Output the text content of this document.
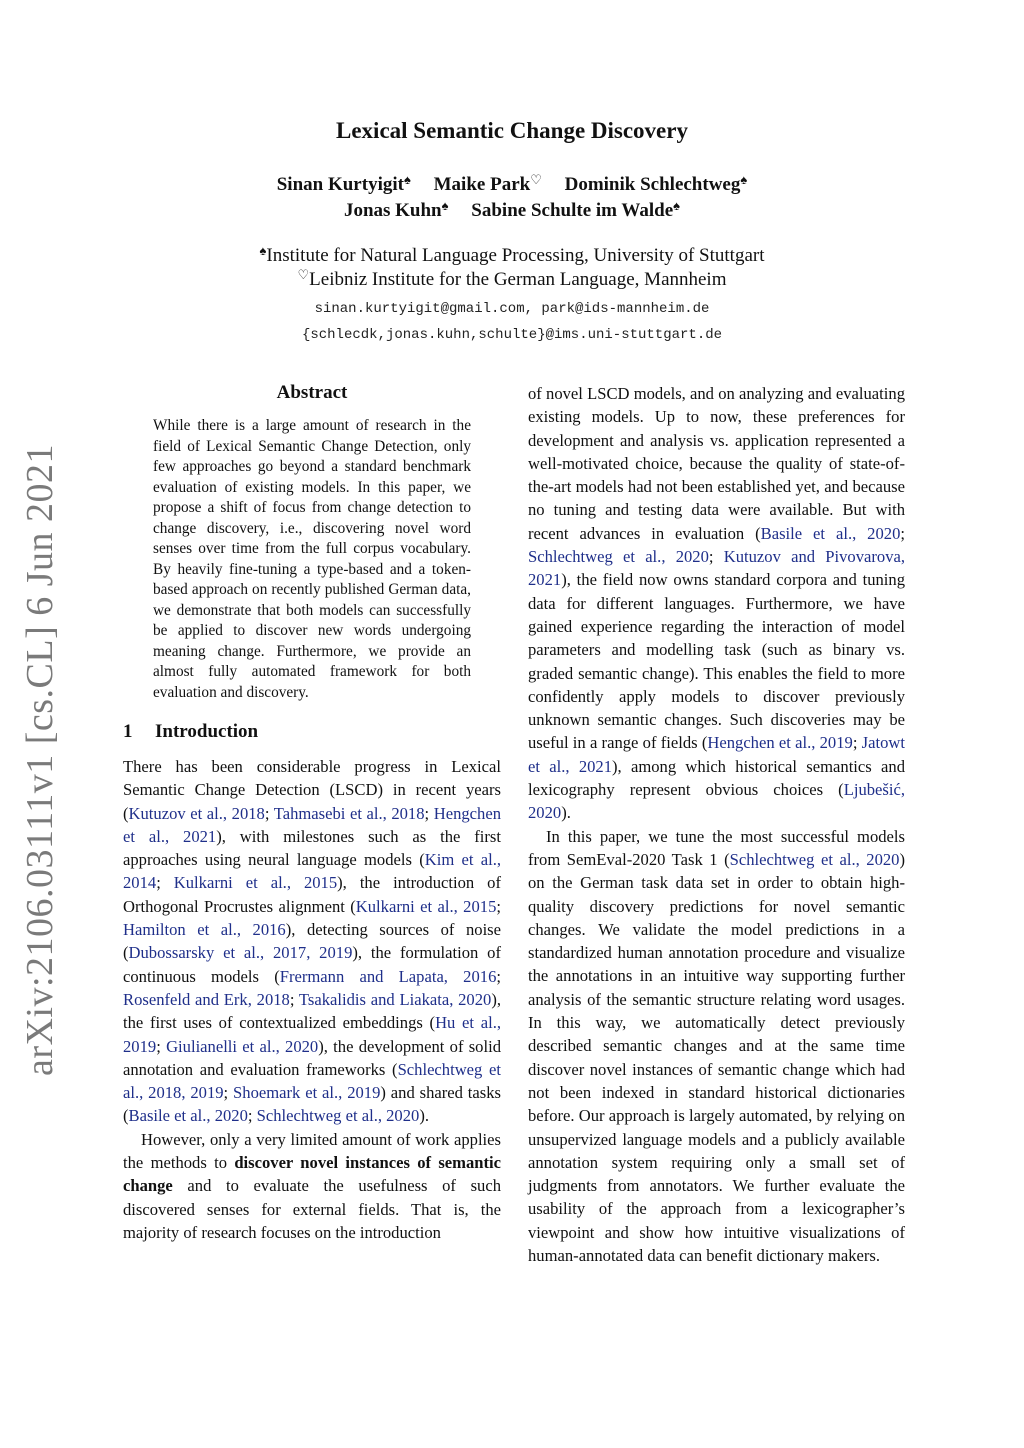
arXiv:2106.03111v1 [cs.CL] 6 Jun 2021
Lexical Semantic Change Discovery
Sinan Kurtyigit♠ Maike Park♡ Dominik Schlechtweg♠
Jonas Kuhn♠ Sabine Schulte im Walde♠
♠Institute for Natural Language Processing, University of Stuttgart
♡Leibniz Institute for the German Language, Mannheim
sinan.kurtyigit@gmail.com, park@ids-mannheim.de
{schlecdk,jonas.kuhn,schulte}@ims.uni-stuttgart.de
Abstract

While there is a large amount of research in the field of Lexical Semantic Change Detection, only few approaches go beyond a standard benchmark evaluation of existing models. In this paper, we propose a shift of focus from change detection to change discovery, i.e., discovering novel word senses over time from the full corpus vocabulary. By heavily fine-tuning a type-based and a token-based approach on recently published German data, we demonstrate that both models can successfully be applied to discover new words undergoing meaning change. Furthermore, we provide an almost fully automated framework for both evaluation and discovery.

1 Introduction

There has been considerable progress in Lexical Semantic Change Detection (LSCD) in recent years (Kutuzov et al., 2018; Tahmasebi et al., 2018; Hengchen et al., 2021), with milestones such as the first approaches using neural language models (Kim et al., 2014; Kulkarni et al., 2015), the introduction of Orthogonal Procrustes alignment (Kulkarni et al., 2015; Hamilton et al., 2016), detecting sources of noise (Dubossarsky et al., 2017, 2019), the formulation of continuous models (Frermann and Lapata, 2016; Rosenfeld and Erk, 2018; Tsakalidis and Liakata, 2020), the first uses of contextualized embeddings (Hu et al., 2019; Giulianelli et al., 2020), the development of solid annotation and evaluation frameworks (Schlechtweg et al., 2018, 2019; Shoemark et al., 2019) and shared tasks (Basile et al., 2020; Schlechtweg et al., 2020).

However, only a very limited amount of work applies the methods to discover novel instances of semantic change and to evaluate the usefulness of such discovered senses for external fields. That is, the majority of research focuses on the introduction

of novel LSCD models, and on analyzing and evaluating existing models. Up to now, these preferences for development and analysis vs. application represented a well-motivated choice, because the quality of state-of-the-art models had not been established yet, and because no tuning and testing data were available. But with recent advances in evaluation (Basile et al., 2020; Schlechtweg et al., 2020; Kutuzov and Pivovarova, 2021), the field now owns standard corpora and tuning data for different languages. Furthermore, we have gained experience regarding the interaction of model parameters and modelling task (such as binary vs. graded semantic change). This enables the field to more confidently apply models to discover previously unknown semantic changes. Such discoveries may be useful in a range of fields (Hengchen et al., 2019; Jatowt et al., 2021), among which historical semantics and lexicography represent obvious choices (Ljubešić, 2020).

In this paper, we tune the most successful models from SemEval-2020 Task 1 (Schlechtweg et al., 2020) on the German task data set in order to obtain high-quality discovery predictions for novel semantic changes. We validate the model predictions in a standardized human annotation procedure and visualize the annotations in an intuitive way supporting further analysis of the semantic structure relating word usages. In this way, we automatically detect previously described semantic changes and at the same time discover novel instances of semantic change which had not been indexed in standard historical dictionaries before. Our approach is largely automated, by relying on unsupervized language models and a publicly available annotation system requiring only a small set of judgments from annotators. We further evaluate the usability of the approach from a lexicographer’s viewpoint and show how intuitive visualizations of human-annotated data can benefit dictionary makers.
